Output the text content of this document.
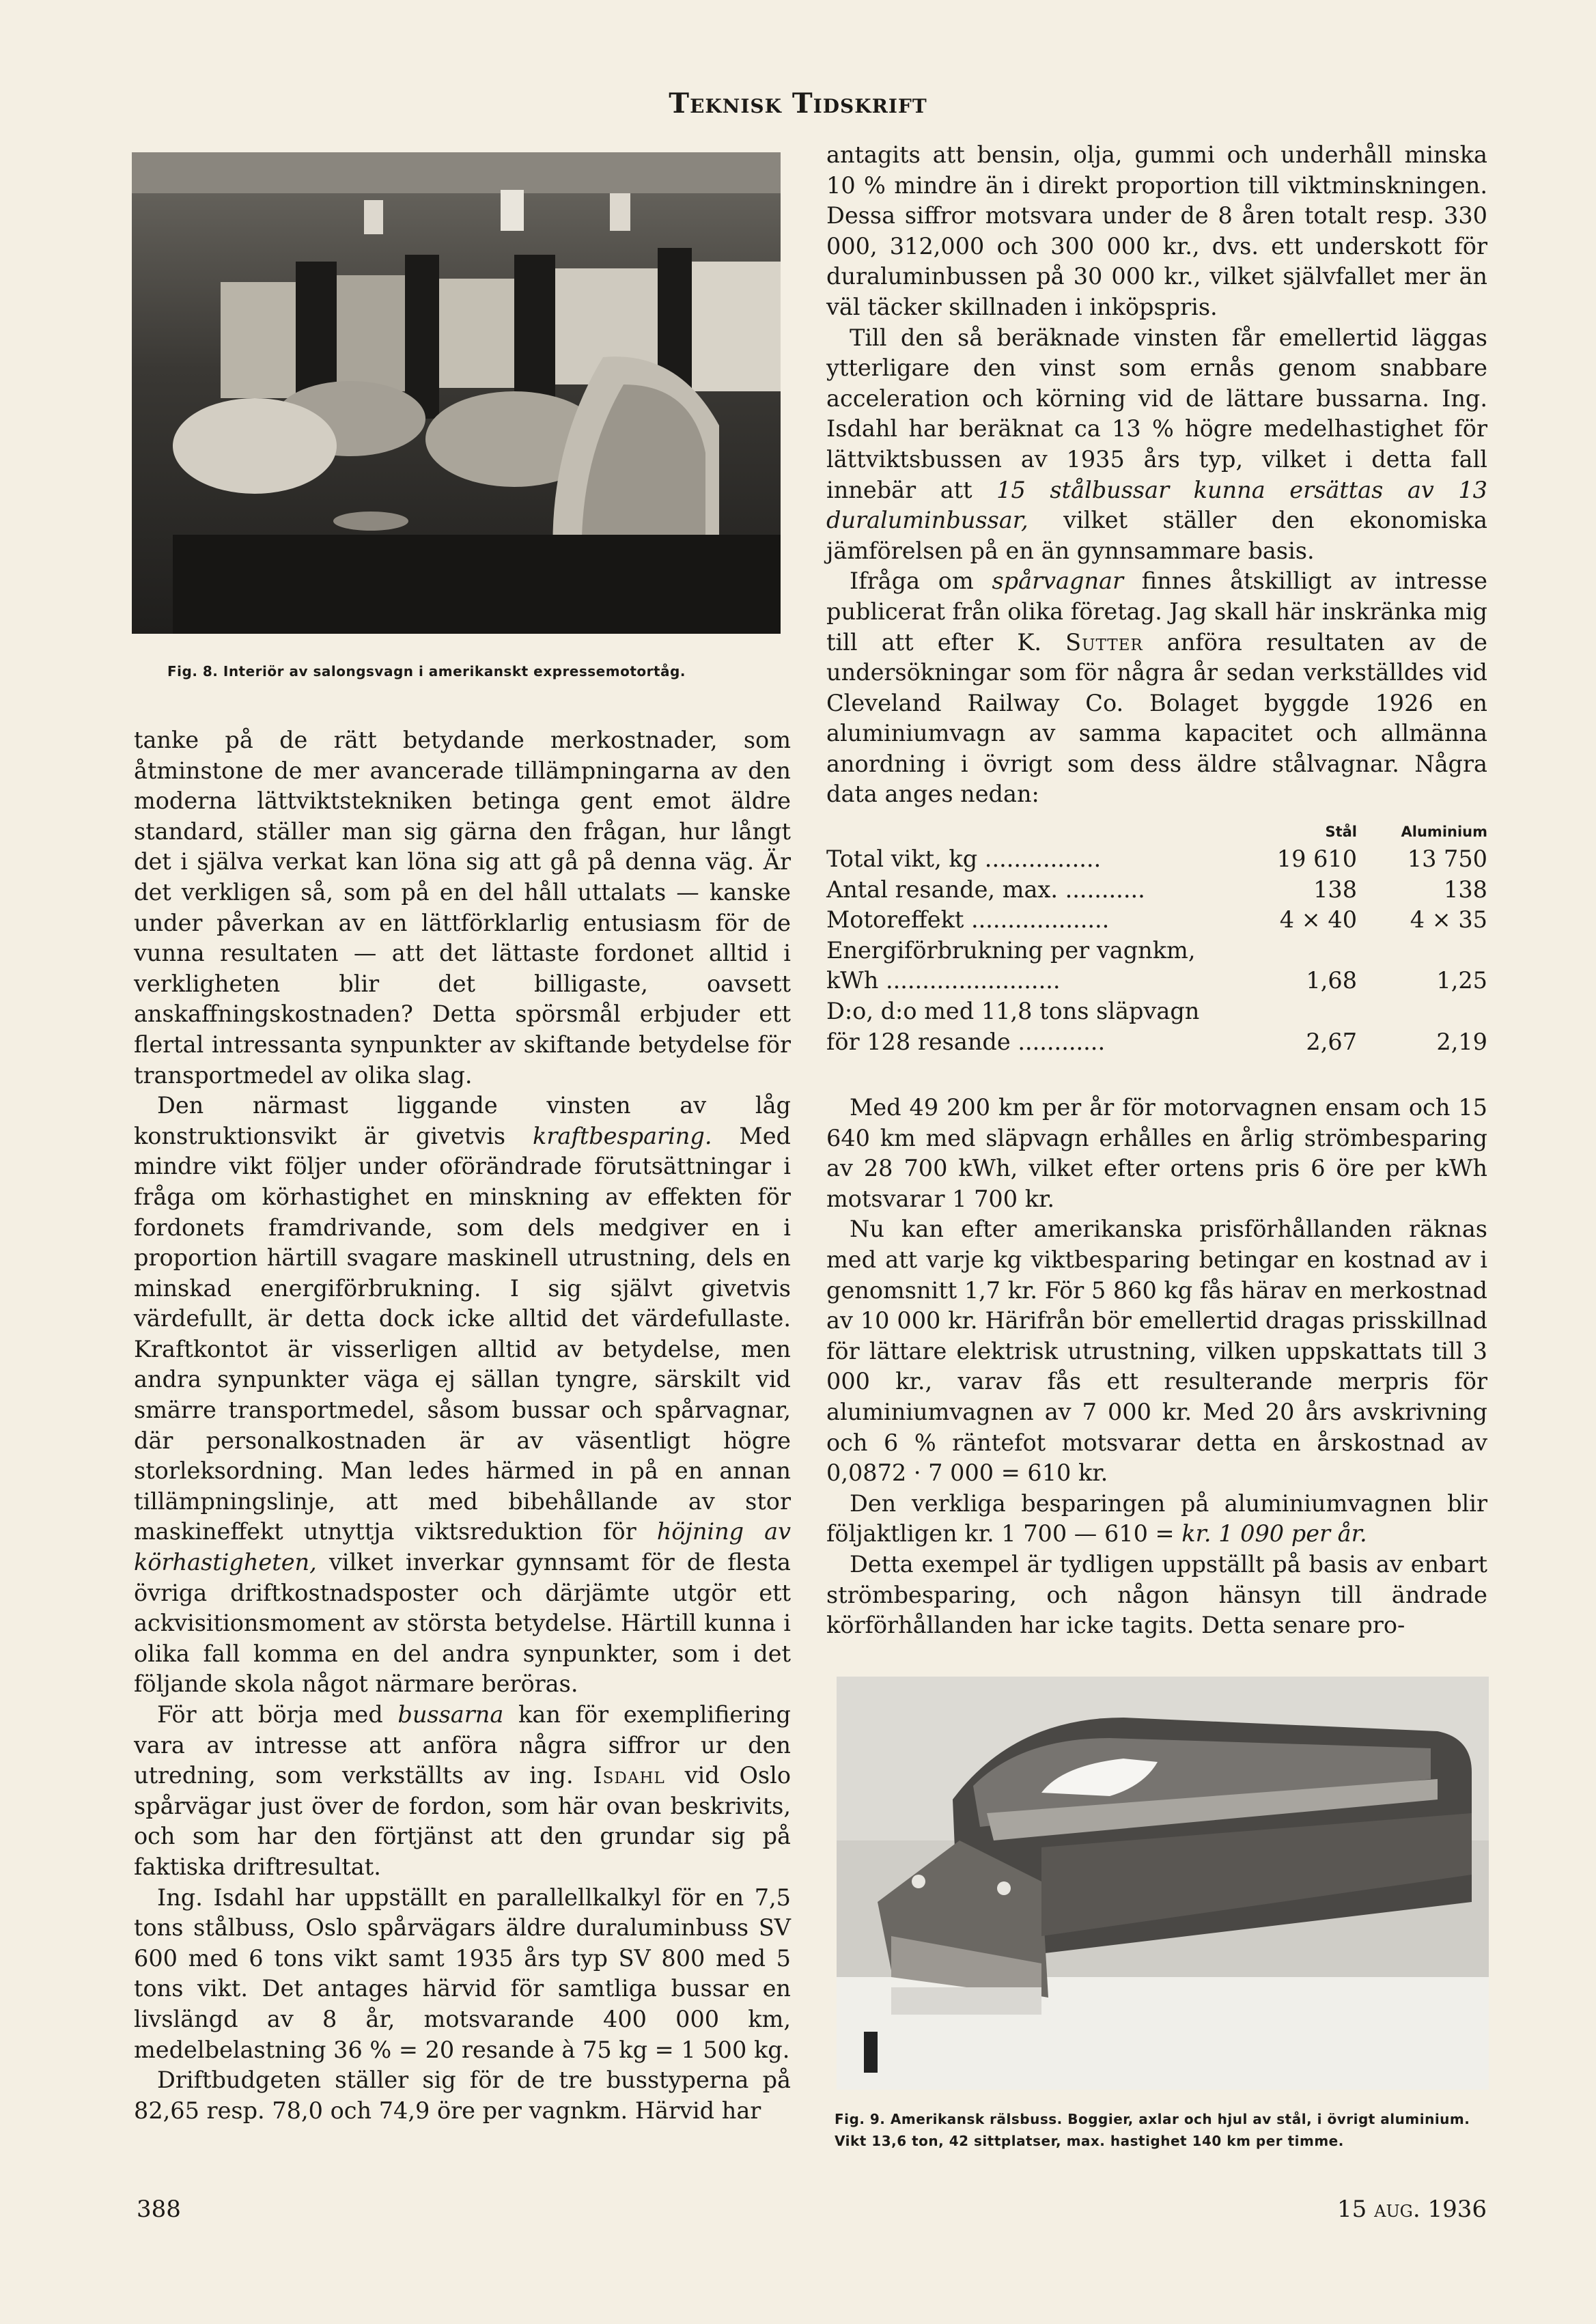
Teknisk Tidskrift
Fig. 8. Interiör av salongsvagn i amerikanskt expressemotortåg.

tanke på de rätt betydande merkostnader, som åtminstone de mer avancerade tillämpningarna av den moderna lättviktstekniken betinga gent emot äldre standard, ställer man sig gärna den frågan, hur långt det i själva verkat kan löna sig att gå på denna väg. Är det verkligen så, som på en del håll uttalats — kanske under påverkan av en lättförklarlig entusiasm för de vunna resultaten — att det lättaste fordonet alltid i verkligheten blir det billigaste, oavsett anskaffningskostnaden? Detta spörsmål erbjuder ett flertal intressanta synpunkter av skiftande betydelse för transportmedel av olika slag.

Den närmast liggande vinsten av låg konstruktionsvikt är givetvis kraftbesparing. Med mindre vikt följer under oförändrade förutsättningar i fråga om körhastighet en minskning av effekten för fordonets framdrivande, som dels medgiver en i proportion härtill svagare maskinell utrustning, dels en minskad energiförbrukning. I sig självt givetvis värdefullt, är detta dock icke alltid det värdefullaste. Kraftkontot är visserligen alltid av betydelse, men andra synpunkter väga ej sällan tyngre, särskilt vid smärre transportmedel, såsom bussar och spårvagnar, där personalkostnaden är av väsentligt högre storleksordning. Man ledes härmed in på en annan tillämpningslinje, att med bibehållande av stor maskineffekt utnyttja viktsreduktion för höjning av körhastigheten, vilket inverkar gynnsamt för de flesta övriga driftkostnadsposter och därjämte utgör ett ackvisitionsmoment av största betydelse. Härtill kunna i olika fall komma en del andra synpunkter, som i det följande skola något närmare beröras.

För att börja med bussarna kan för exemplifiering vara av intresse att anföra några siffror ur den utredning, som verkställts av ing. Isdahl vid Oslo spårvägar just över de fordon, som här ovan beskrivits, och som har den förtjänst att den grundar sig på faktiska driftresultat.

Ing. Isdahl har uppställt en parallellkalkyl för en 7,5 tons stålbuss, Oslo spårvägars äldre duraluminbuss SV 600 med 6 tons vikt samt 1935 års typ SV 800 med 5 tons vikt. Det antages härvid för samtliga bussar en livslängd av 8 år, motsvarande 400 000 km, medelbelastning 36 % = 20 resande à 75 kg = 1 500 kg.

Driftbudgeten ställer sig för de tre busstyperna på 82,65 resp. 78,0 och 74,9 öre per vagnkm. Härvid har

antagits att bensin, olja, gummi och underhåll minska 10 % mindre än i direkt proportion till viktminskningen. Dessa siffror motsvara under de 8 åren totalt resp. 330 000, 312,000 och 300 000 kr., dvs. ett underskott för duraluminbussen på 30 000 kr., vilket självfallet mer än väl täcker skillnaden i inköpspris.

Till den så beräknade vinsten får emellertid läggas ytterligare den vinst som ernås genom snabbare acceleration och körning vid de lättare bussarna. Ing. Isdahl har beräknat ca 13 % högre medelhastighet för lättviktsbussen av 1935 års typ, vilket i detta fall innebär att 15 stålbussar kunna ersättas av 13 duraluminbussar, vilket ställer den ekonomiska jämförelsen på en än gynnsammare basis.

Ifråga om spårvagnar finnes åtskilligt av intresse publicerat från olika företag. Jag skall här inskränka mig till att efter K. Sutter anföra resultaten av de undersökningar som för några år sedan verkställdes vid Cleveland Railway Co. Bolaget byggde 1926 en aluminiumvagn av samma kapacitet och allmänna anordning i övrigt som dess äldre stålvagnar. Några data anges nedan:

	Stål	Aluminium
Total vikt, kg ................	19 610	13 750
Antal resande, max. ...........	138	138
Motoreffekt ...................	4 × 40	4 × 35
Energiförbrukning per vagnkm,		
kWh ........................	1,68	1,25
D:o, d:o med 11,8 tons släpvagn		
för 128 resande ............	2,67	2,19

Med 49 200 km per år för motorvagnen ensam och 15 640 km med släpvagn erhålles en årlig strömbesparing av 28 700 kWh, vilket efter ortens pris 6 öre per kWh motsvarar 1 700 kr.

Nu kan efter amerikanska prisförhållanden räknas med att varje kg viktbesparing betingar en kostnad av i genomsnitt 1,7 kr. För 5 860 kg fås härav en merkostnad av 10 000 kr. Härifrån bör emellertid dragas prisskillnad för lättare elektrisk utrustning, vilken uppskattats till 3 000 kr., varav fås ett resulterande merpris för aluminiumvagnen av 7 000 kr. Med 20 års avskrivning och 6 % räntefot motsvarar detta en årskostnad av 0,0872 · 7 000 = 610 kr.

Den verkliga besparingen på aluminiumvagnen blir följaktligen kr. 1 700 — 610 = kr. 1 090 per år.

Detta exempel är tydligen uppställt på basis av enbart strömbesparing, och någon hänsyn till ändrade körförhållanden har icke tagits. Detta senare pro-

Fig. 9. Amerikansk rälsbuss. Boggier, axlar och hjul av stål, i övrigt aluminium. Vikt 13,6 ton, 42 sittplatser, max. hastighet 140 km per timme.
388	15 aug. 1936
